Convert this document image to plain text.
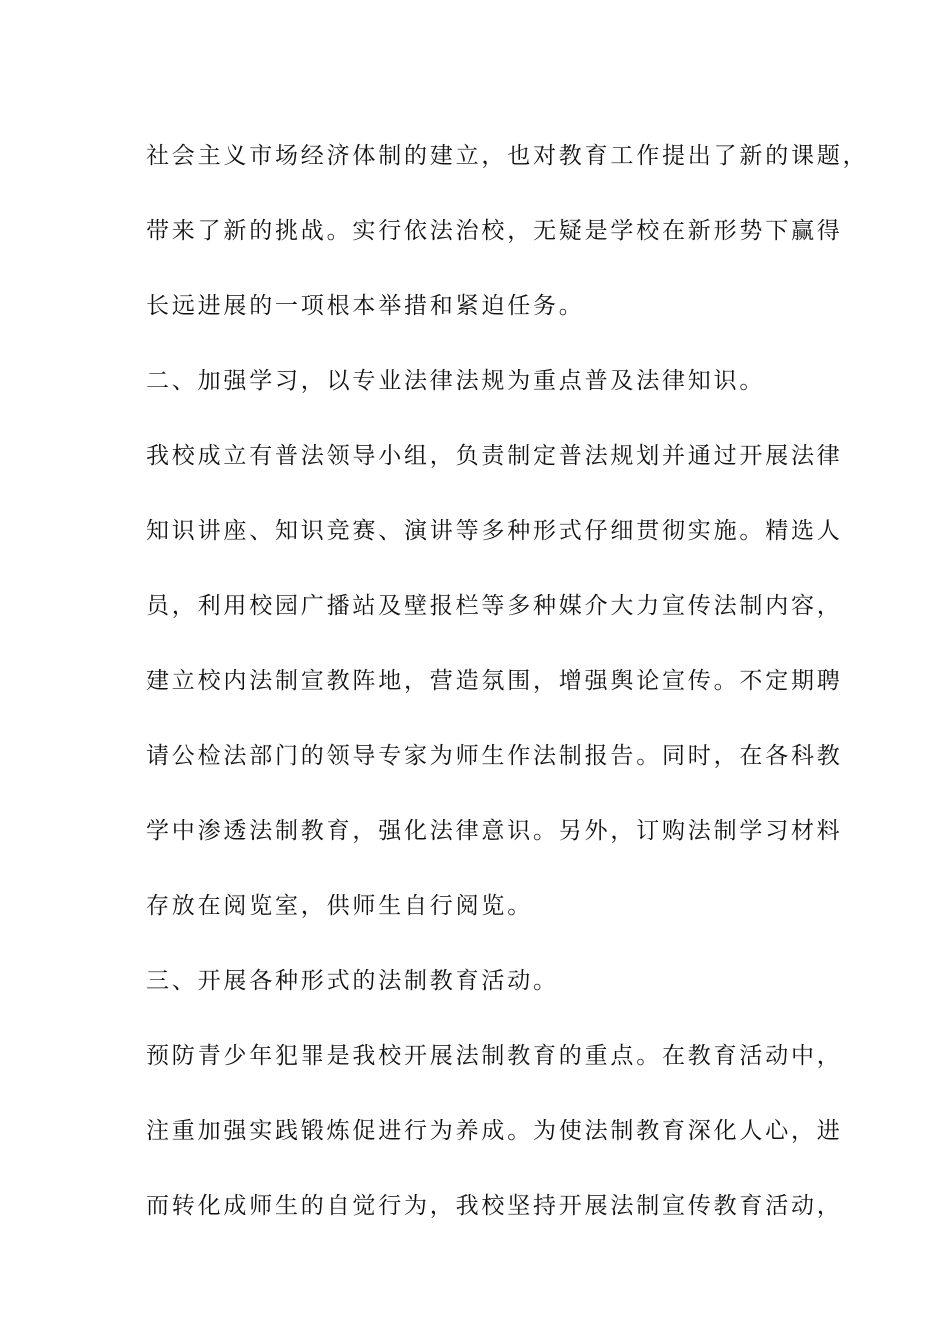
社会主义市场经济体制的建立，也对教育工作提出了新的课题，
带来了新的挑战。实行依法治校，无疑是学校在新形势下赢得
长远进展的一项根本举措和紧迫任务。
二、加强学习，以专业法律法规为重点普及法律知识。
我校成立有普法领导小组，负责制定普法规划并通过开展法律
知识讲座、知识竞赛、演讲等多种形式仔细贯彻实施。精选人
员，利用校园广播站及壁报栏等多种媒介大力宣传法制内容，
建立校内法制宣教阵地，营造氛围，增强舆论宣传。不定期聘
请公检法部门的领导专家为师生作法制报告。同时，在各科教
学中渗透法制教育，强化法律意识。另外，订购法制学习材料
存放在阅览室，供师生自行阅览。
三、开展各种形式的法制教育活动。
预防青少年犯罪是我校开展法制教育的重点。在教育活动中，
注重加强实践锻炼促进行为养成。为使法制教育深化人心，进
而转化成师生的自觉行为，我校坚持开展法制宣传教育活动，
